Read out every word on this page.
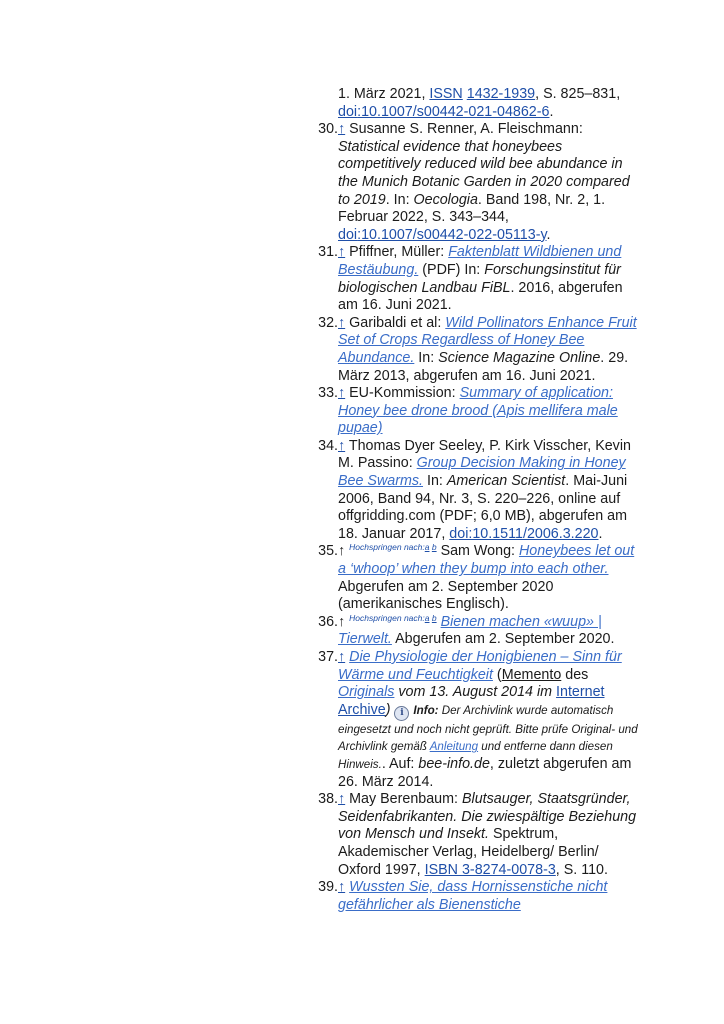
1. März 2021, ISSN 1432-1939, S. 825–831, doi:10.1007/s00442-021-04862-6.
30. ↑ Susanne S. Renner, A. Fleischmann: Statistical evidence that honeybees competitively reduced wild bee abundance in the Munich Botanic Garden in 2020 compared to 2019. In: Oecologia. Band 198, Nr. 2, 1. Februar 2022, S. 343–344, doi:10.1007/s00442-022-05113-y.
31. ↑ Pfiffner, Müller: Faktenblatt Wildbienen und Bestäubung. (PDF) In: Forschungsinstitut für biologischen Landbau FiBL. 2016, abgerufen am 16. Juni 2021.
32. ↑ Garibaldi et al: Wild Pollinators Enhance Fruit Set of Crops Regardless of Honey Bee Abundance. In: Science Magazine Online. 29. März 2013, abgerufen am 16. Juni 2021.
33. ↑ EU-Kommission: Summary of application: Honey bee drone brood (Apis mellifera male pupae)
34. ↑ Thomas Dyer Seeley, P. Kirk Visscher, Kevin M. Passino: Group Decision Making in Honey Bee Swarms. In: American Scientist. Mai-Juni 2006, Band 94, Nr. 3, S. 220–226, online auf offgridding.com (PDF; 6,0 MB), abgerufen am 18. Januar 2017, doi:10.1511/2006.3.220.
35. ↑ $^{Hochspringen nach:a b}$ Sam Wong: Honeybees let out a ‘whoop’ when they bump into each other. Abgerufen am 2. September 2020 (amerikanisches Englisch).
36. ↑ $^{Hochspringen nach:a b}$ Bienen machen «wuup» | Tierwelt. Abgerufen am 2. September 2020.
37. ↑ Die Physiologie der Honigbienen – Sinn für Wärme und Feuchtigkeit (Memento des Originals vom 13. August 2014 im Internet Archive) i Info: Der Archivlink wurde automatisch eingesetzt und noch nicht geprüft. Bitte prüfe Original- und Archivlink gemäß Anleitung und entferne dann diesen Hinweis.. Auf: bee-info.de, zuletzt abgerufen am 26. März 2014.
38. ↑ May Berenbaum: Blutsauger, Staatsgründer, Seidenfabrikanten. Die zwiespältige Beziehung von Mensch und Insekt. Spektrum, Akademischer Verlag, Heidelberg/ Berlin/ Oxford 1997, ISBN 3-8274-0078-3, S. 110.
39. ↑ Wussten Sie, dass Hornissenstiche nicht gefährlicher als Bienenstiche
